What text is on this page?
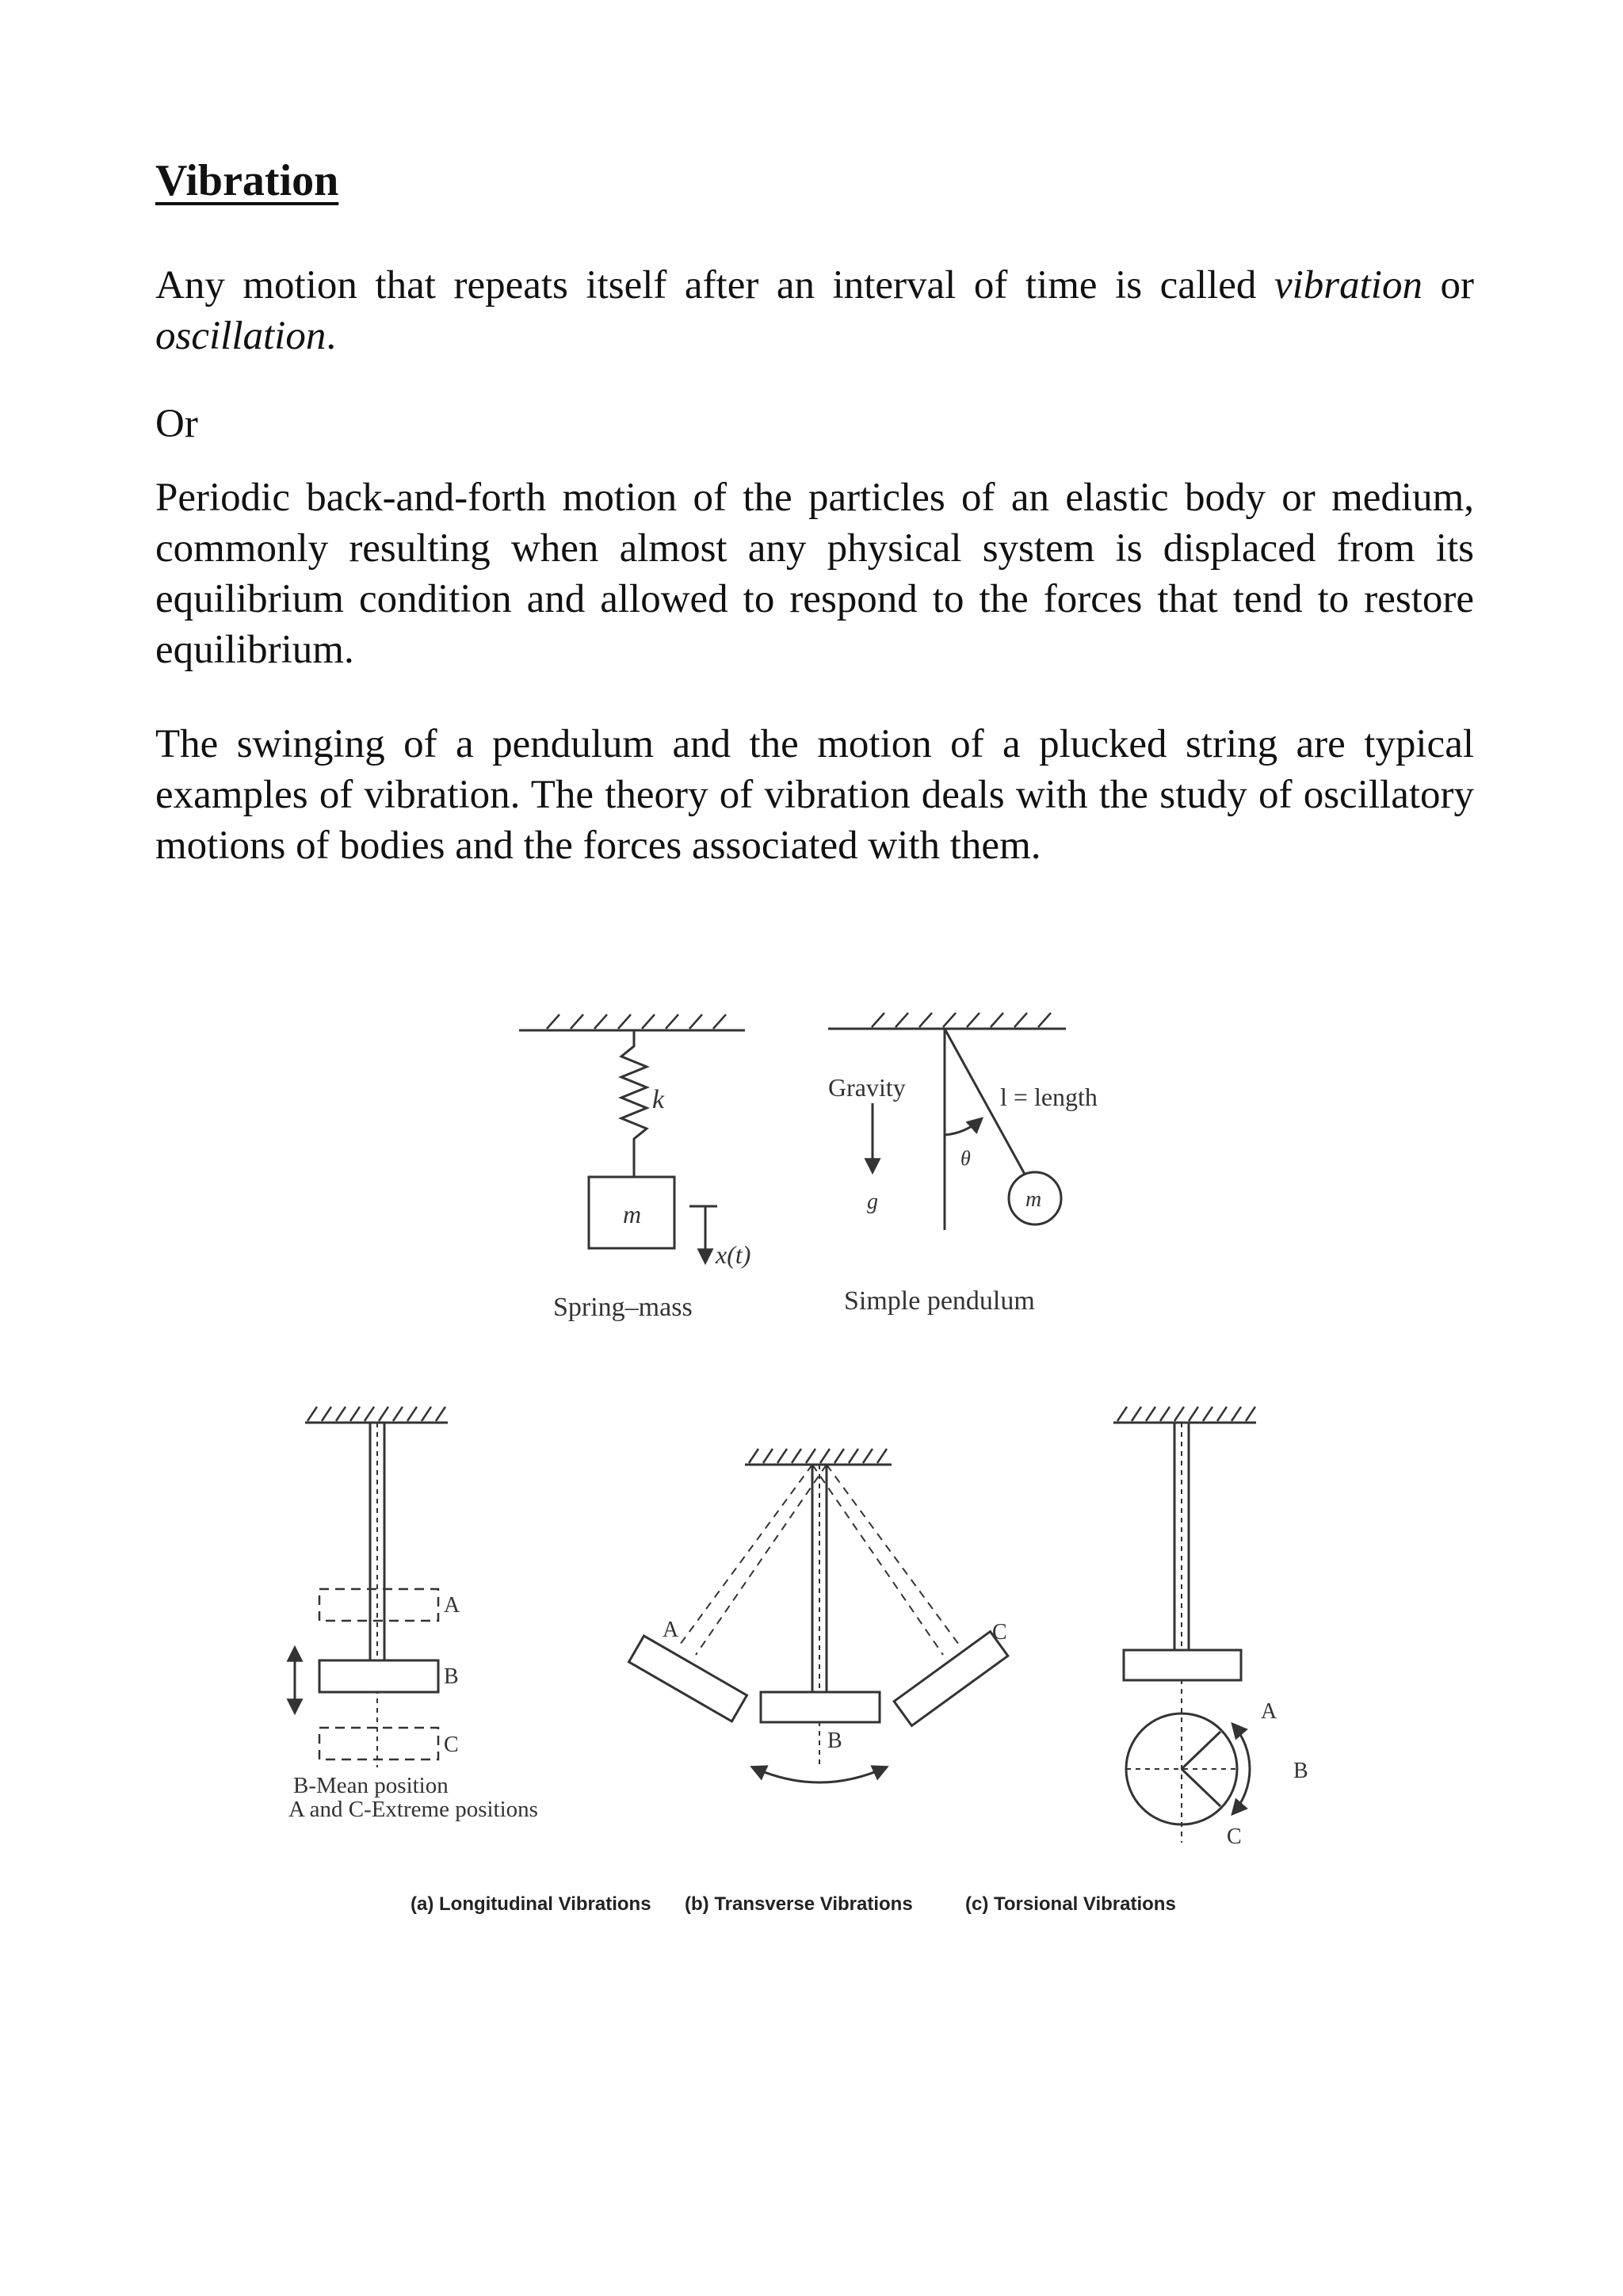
Vibration

Any motion that repeats itself after an interval of time is called vibration or oscillation.

Or

Periodic back-and-forth motion of the particles of an elastic body or medium, commonly resulting when almost any physical system is displaced from its equilibrium condition and allowed to respond to the forces that tend to restore equilibrium.

The swinging of a pendulum and the motion of a plucked string are typical examples of vibration. The theory of vibration deals with the study of oscillatory motions of bodies and the forces associated with them.

k
m
x(t)
Spring–mass
Gravity
g
l = length
θ
m
Simple pendulum
A
B
C
B-Mean position
A and C-Extreme positions
A
B
C
A
B
C
(a) Longitudinal Vibrations (b) Transverse Vibrations	(c) Torsional Vibrations
